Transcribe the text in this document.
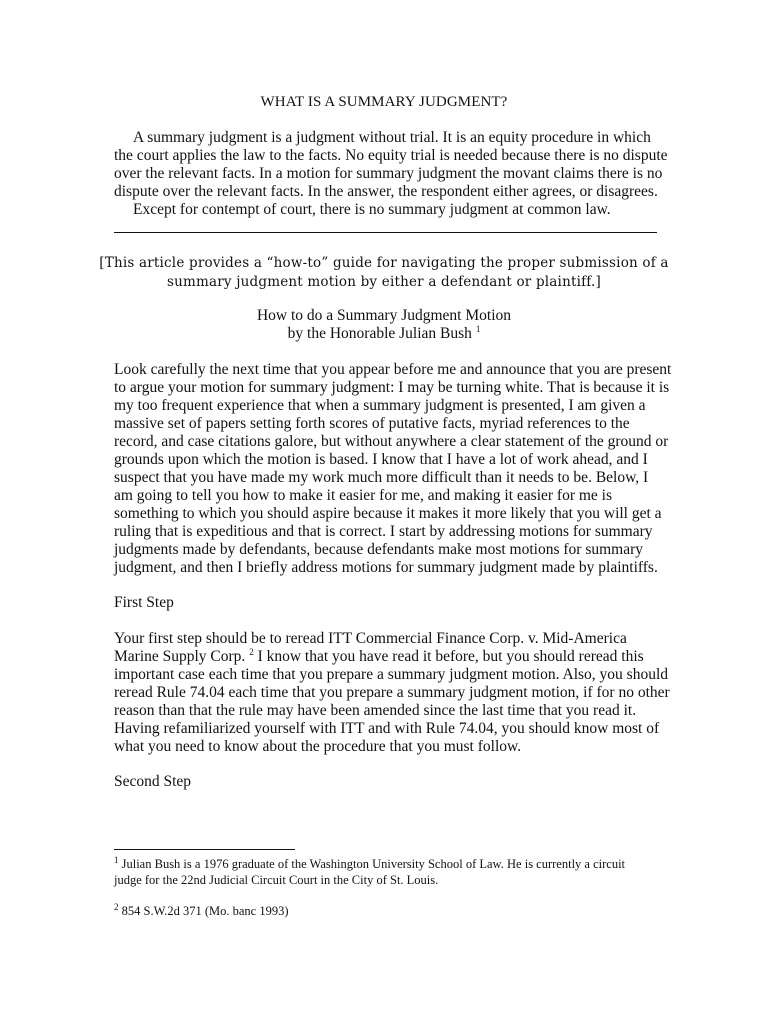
WHAT IS A SUMMARY JUDGMENT?

A summary judgment is a judgment without trial. It is an equity procedure in which

the court applies the law to the facts. No equity trial is needed because there is no dispute

over the relevant facts. In a motion for summary judgment the movant claims there is no

dispute over the relevant facts. In the answer, the respondent either agrees, or disagrees.

Except for contempt of court, there is no summary judgment at common law.

[This article provides a “how-to” guide for navigating the proper submission of a

summary judgment motion by either a defendant or plaintiff.]

How to do a Summary Judgment Motion

by the Honorable Julian Bush $^1$

Look carefully the next time that you appear before me and announce that you are present

to argue your motion for summary judgment: I may be turning white. That is because it is

my too frequent experience that when a summary judgment is presented, I am given a

massive set of papers setting forth scores of putative facts, myriad references to the

record, and case citations galore, but without anywhere a clear statement of the ground or

grounds upon which the motion is based. I know that I have a lot of work ahead, and I

suspect that you have made my work much more difficult than it needs to be. Below, I

am going to tell you how to make it easier for me, and making it easier for me is

something to which you should aspire because it makes it more likely that you will get a

ruling that is expeditious and that is correct. I start by addressing motions for summary

judgments made by defendants, because defendants make most motions for summary

judgment, and then I briefly address motions for summary judgment made by plaintiffs.

First Step

Your first step should be to reread ITT Commercial Finance Corp. v. Mid-America

Marine Supply Corp. $^2$ I know that you have read it before, but you should reread this

important case each time that you prepare a summary judgment motion. Also, you should

reread Rule 74.04 each time that you prepare a summary judgment motion, if for no other

reason than that the rule may have been amended since the last time that you read it.

Having refamiliarized yourself with ITT and with Rule 74.04, you should know most of

what you need to know about the procedure that you must follow.

Second Step

$^1$ Julian Bush is a 1976 graduate of the Washington University School of Law. He is currently a circuit

judge for the 22nd Judicial Circuit Court in the City of St. Louis.

$^2$ 854 S.W.2d 371 (Mo. banc 1993)
